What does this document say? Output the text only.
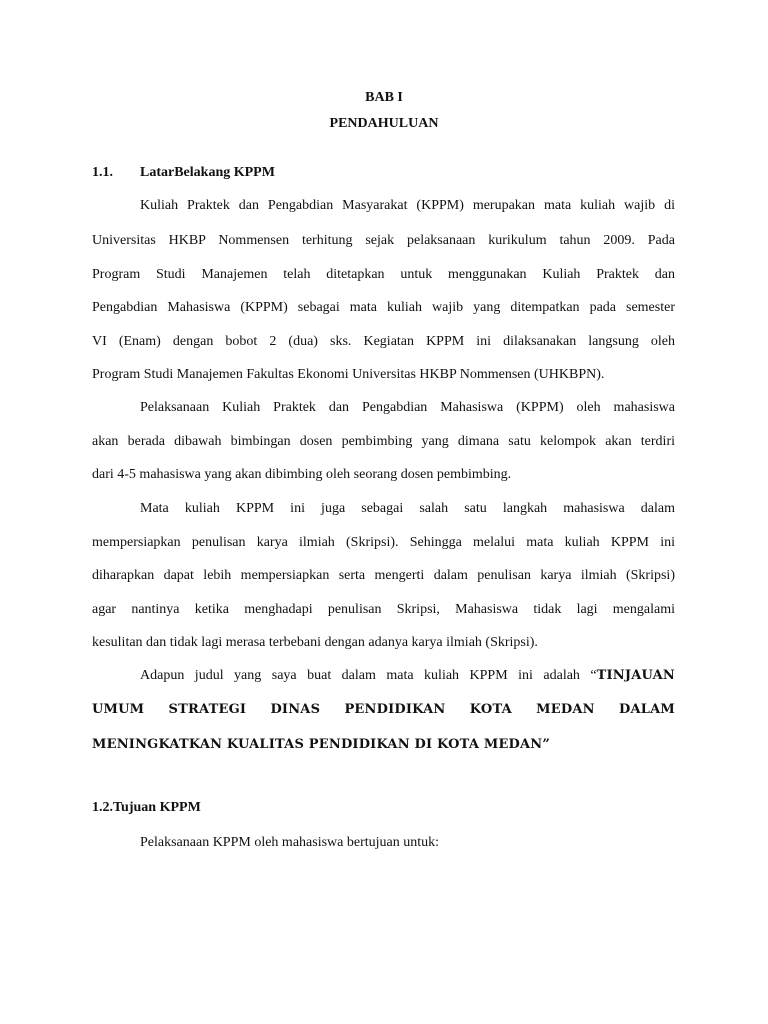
BAB I
PENDAHULUAN
1.1. LatarBelakang KPPM
Kuliah Praktek dan Pengabdian Masyarakat (KPPM) merupakan mata kuliah wajib di
Universitas HKBP Nommensen terhitung sejak pelaksanaan kurikulum tahun 2009. Pada
Program Studi Manajemen telah ditetapkan untuk menggunakan Kuliah Praktek dan
Pengabdian Mahasiswa (KPPM) sebagai mata kuliah wajib yang ditempatkan pada semester
VI (Enam) dengan bobot 2 (dua) sks. Kegiatan KPPM ini dilaksanakan langsung oleh
Program Studi Manajemen Fakultas Ekonomi Universitas HKBP Nommensen (UHKBPN).
Pelaksanaan Kuliah Praktek dan Pengabdian Mahasiswa (KPPM) oleh mahasiswa
akan berada dibawah bimbingan dosen pembimbing yang dimana satu kelompok akan terdiri
dari 4-5 mahasiswa yang akan dibimbing oleh seorang dosen pembimbing.
Mata kuliah KPPM ini juga sebagai salah satu langkah mahasiswa dalam
mempersiapkan penulisan karya ilmiah (Skripsi). Sehingga melalui mata kuliah KPPM ini
diharapkan dapat lebih mempersiapkan serta mengerti dalam penulisan karya ilmiah (Skripsi)
agar nantinya ketika menghadapi penulisan Skripsi, Mahasiswa tidak lagi mengalami
kesulitan dan tidak lagi merasa terbebani dengan adanya karya ilmiah (Skripsi).
Adapun judul yang saya buat dalam mata kuliah KPPM ini adalah “TINJAUAN
UMUM STRATEGI DINAS PENDIDIKAN KOTA MEDAN DALAM
MENINGKATKAN KUALITAS PENDIDIKAN DI KOTA MEDAN”
1.2.Tujuan KPPM
Pelaksanaan KPPM oleh mahasiswa bertujuan untuk:
